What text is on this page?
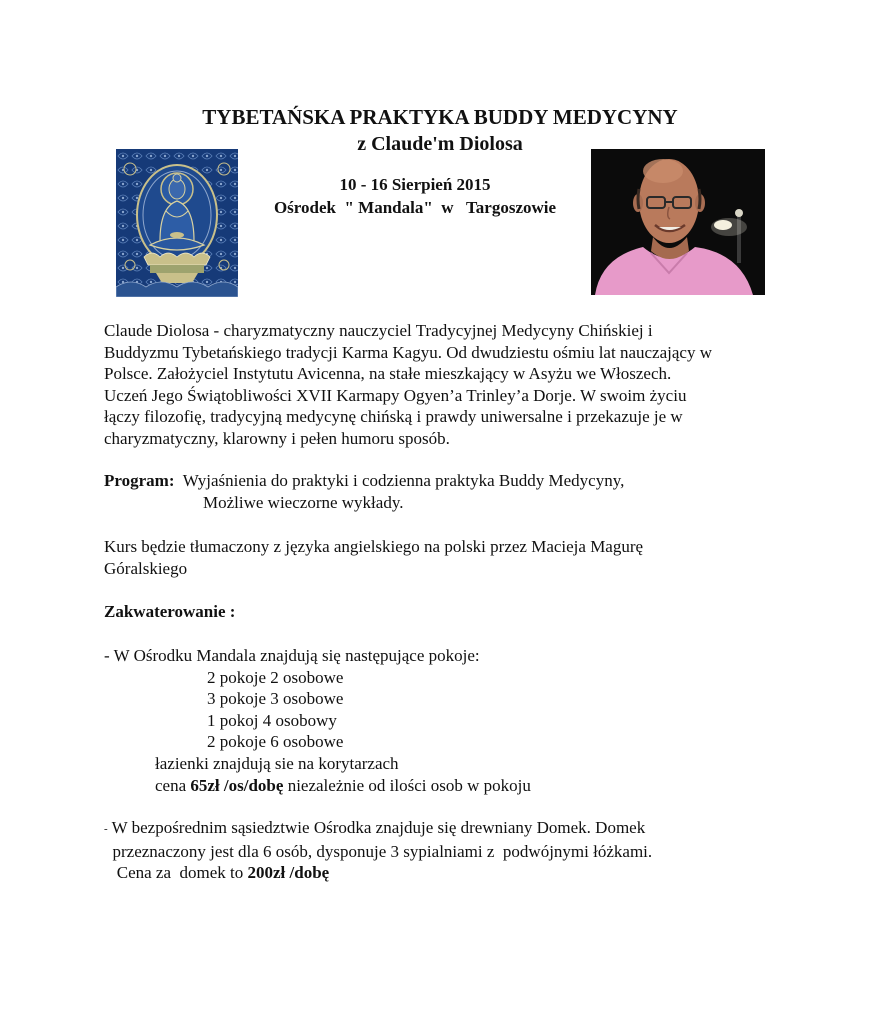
TYBETAŃSKA PRAKTYKA BUDDY MEDYCYNY
z Claude'm Diolosa
10 - 16 Sierpień 2015
Ośrodek  " Mandala"  w   Targoszowie
Claude Diolosa - charyzmatyczny nauczyciel Tradycyjnej Medycyny Chińskiej i
Buddyzmu Tybetańskiego tradycji Karma Kagyu. Od dwudziestu ośmiu lat nauczający w
Polsce. Założyciel Instytutu Avicenna, na stałe mieszkający w Asyżu we Włoszech.
Uczeń Jego Świątobliwości XVII Karmapy Ogyen’a Trinley’a Dorje. W swoim życiu
łączy filozofię, tradycyjną medycynę chińską i prawdy uniwersalne i przekazuje je w
charyzmatyczny, klarowny i pełen humoru sposób.
Program:  Wyjaśnienia do praktyki i codzienna praktyka Buddy Medycyny,
Możliwe wieczorne wykłady.
Kurs będzie tłumaczony z języka angielskiego na polski przez Macieja Magurę
Góralskiego
Zakwaterowanie :
- W Ośrodku Mandala znajdują się następujące pokoje:
2 pokoje 2 osobowe
3 pokoje 3 osobowe
1 pokoj 4 osobowy
2 pokoje 6 osobowe
łazienki znajdują sie na korytarzach
cena 65zł /os/dobę niezależnie od ilości osob w pokoju
- W bezpośrednim sąsiedztwie Ośrodka znajduje się drewniany Domek. Domek
przeznaczony jest dla 6 osób, dysponuje 3 sypialniami z  podwójnymi łóżkami.
Cena za  domek to 200zł /dobę
